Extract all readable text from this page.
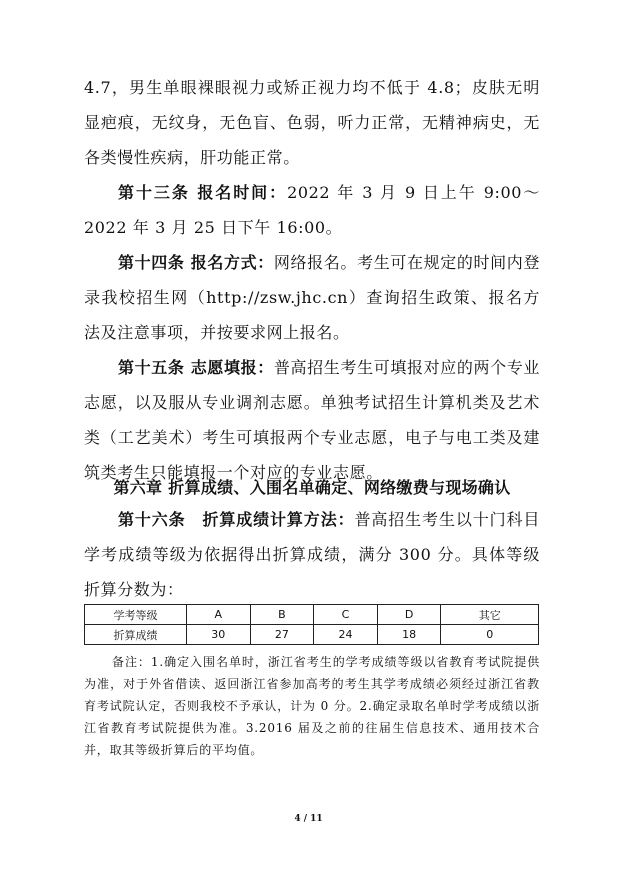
4.7，男生单眼裸眼视力或矫正视力均不低于 4.8；皮肤无明显疤痕，无纹身，无色盲、色弱，听力正常，无精神病史，无各类慢性疾病，肝功能正常。

第十三条 报名时间：2022 年 3 月 9 日上午 9:00～2022 年 3 月 25 日下午 16:00。

第十四条 报名方式：网络报名。考生可在规定的时间内登录我校招生网（http://zsw.jhc.cn）查询招生政策、报名方法及注意事项，并按要求网上报名。

第十五条 志愿填报：普高招生考生可填报对应的两个专业志愿，以及服从专业调剂志愿。单独考试招生计算机类及艺术类（工艺美术）考生可填报两个专业志愿，电子与电工类及建筑类考生只能填报一个对应的专业志愿。

第六章 折算成绩、入围名单确定、网络缴费与现场确认

第十六条　折算成绩计算方法：普高招生考生以十门科目学考成绩等级为依据得出折算成绩，满分 300 分。具体等级折算分数为：

学考等级	A	B	C	D	其它
折算成绩	30	27	24	18	0

备注：1.确定入围名单时，浙江省考生的学考成绩等级以省教育考试院提供为准，对于外省借读、返回浙江省参加高考的考生其学考成绩必须经过浙江省教育考试院认定，否则我校不予承认，计为 0 分。2.确定录取名单时学考成绩以浙江省教育考试院提供为准。3.2016 届及之前的往届生信息技术、通用技术合并，取其等级折算后的平均值。

4 / 11
